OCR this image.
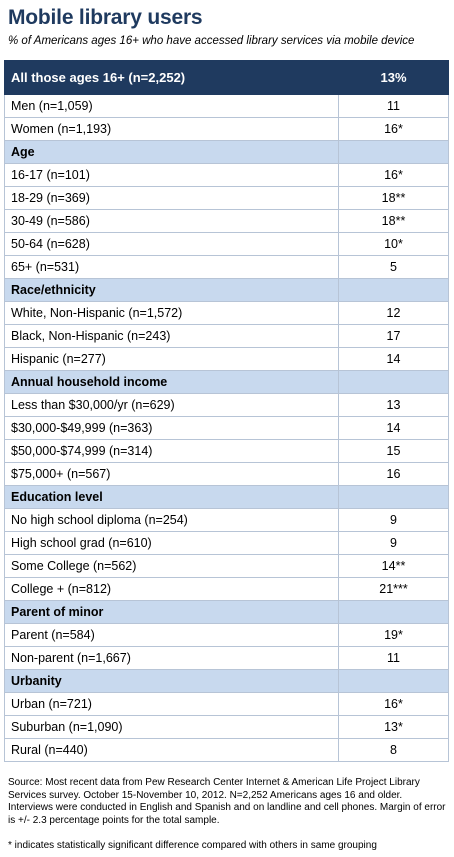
Mobile library users
% of Americans ages 16+ who have accessed library services via mobile device
All those ages 16+ (n=2,252)	13%
Men (n=1,059)	11
Women (n=1,193)	16*
Age	
16-17 (n=101)	16*
18-29 (n=369)	18**
30-49 (n=586)	18**
50-64 (n=628)	10*
65+ (n=531)	5
Race/ethnicity	
White, Non-Hispanic (n=1,572)	12
Black, Non-Hispanic (n=243)	17
Hispanic (n=277)	14
Annual household income	
Less than $30,000/yr (n=629)	13
$30,000-$49,999 (n=363)	14
$50,000-$74,999 (n=314)	15
$75,000+ (n=567)	16
Education level	
No high school diploma (n=254)	9
High school grad (n=610)	9
Some College (n=562)	14**
College + (n=812)	21***
Parent of minor	
Parent (n=584)	19*
Non-parent (n=1,667)	11
Urbanity	
Urban (n=721)	16*
Suburban (n=1,090)	13*
Rural (n=440)	8
Source: Most recent data from Pew Research Center Internet & American Life Project Library Services survey. October 15-November 10, 2012. N=2,252 Americans ages 16 and older. Interviews were conducted in English and Spanish and on landline and cell phones. Margin of error is +/- 2.3 percentage points for the total sample.
* indicates statistically significant difference compared with others in same grouping
